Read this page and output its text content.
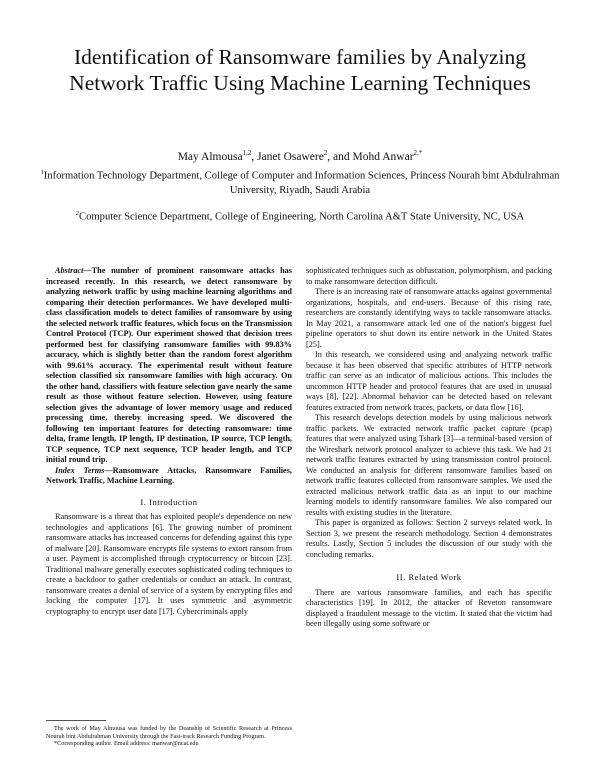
Identification of Ransomware families by Analyzing Network Traffic Using Machine Learning Techniques
May Almousa$^{1,2}$, Janet Osawere$^2$, and Mohd Anwar$^{2,*}$
$^1$Information Technology Department, College of Computer and Information Sciences, Princess Nourah bint Abdulrahman University, Riyadh, Saudi Arabia
$^2$Computer Science Department, College of Engineering, North Carolina A&T State University, NC, USA

Abstract—The number of prominent ransomware attacks has increased recently. In this research, we detect ransomware by analyzing network traffic by using machine learning algorithms and comparing their detection performances. We have developed multi-class classification models to detect families of ransomware by using the selected network traffic features, which focus on the Transmission Control Protocol (TCP). Our experiment showed that decision trees performed best for classifying ransomware families with 99.83% accuracy, which is slightly better than the random forest algorithm with 99.61% accuracy. The experimental result without feature selection classified six ransomware families with high accuracy. On the other hand, classifiers with feature selection gave nearly the same result as those without feature selection. However, using feature selection gives the advantage of lower memory usage and reduced processing time, thereby increasing speed. We discovered the following ten important features for detecting ransomware: time delta, frame length, IP length, IP destination, IP source, TCP length, TCP sequence, TCP next sequence, TCP header length, and TCP initial round trip.

Index Terms—Ransomware Attacks, Ransomware Families, Network Traffic, Machine Learning.

I. Introduction

Ransomware is a threat that has exploited people's dependence on new technologies and applications [6]. The growing number of prominent ransomware attacks has increased concerns for defending against this type of malware [20]. Ransomware encrypts file systems to extort ransom from a user. Payment is accomplished through cryptocurrency or bitcoin [23]. Traditional malware generally executes sophisticated coding techniques to create a backdoor to gather credentials or conduct an attack. In contrast, ransomware creates a denial of service of a system by encrypting files and locking the computer [17]. It uses symmetric and asymmetric cryptography to encrypt user data [17]. Cybercriminals apply

The work of May Almousa was funded by the Deanship of Scientific Research at Princess Nourah bint Abdulrahman University through the Fast-track Research Funding Program.

*Corresponding author. Email address: manwar@ncat.edu

sophisticated techniques such as obfuscation, polymorphism, and packing to make ransomware detection difficult.

There is an increasing rate of ransomware attacks against governmental organizations, hospitals, and end-users. Because of this rising rate, researchers are constantly identifying ways to tackle ransomware attacks. In May 2021, a ransomware attack led one of the nation's biggest fuel pipeline operators to shut down its entire network in the United States [25].

In this research, we considered using and analyzing network traffic because it has been observed that specific attributes of HTTP network traffic can serve as an indicator of malicious actions. This includes the uncommon HTTP header and protocol features that are used in unusual ways [8], [22]. Abnormal behavior can be detected based on relevant features extracted from network traces, packets, or data flow [16].

This research develops detection models by using malicious network traffic packets. We extracted network traffic packet capture (pcap) features that were analyzed using Tshark [3]—a terminal-based version of the Wireshark network protocol analyzer to achieve this task. We had 21 network traffic features extracted by using transmission control protocol. We conducted an analysis for different ransomware families based on network traffic features collected from ransomware samples. We used the extracted malicious network traffic data as an input to our machine learning models to identify ransomware families. We also compared our results with existing studies in the literature.

This paper is organized as follows: Section 2 surveys related work. In Section 3, we present the research methodology. Section 4 demonstrates results. Lastly, Section 5 includes the discussion of our study with the concluding remarks.

II. Related Work

There are various ransomware families, and each has specific characteristics [19]. In 2012, the attacker of Reveton ransomware displayed a fraudulent message to the victim. It stated that the victim had been illegally using some software or
